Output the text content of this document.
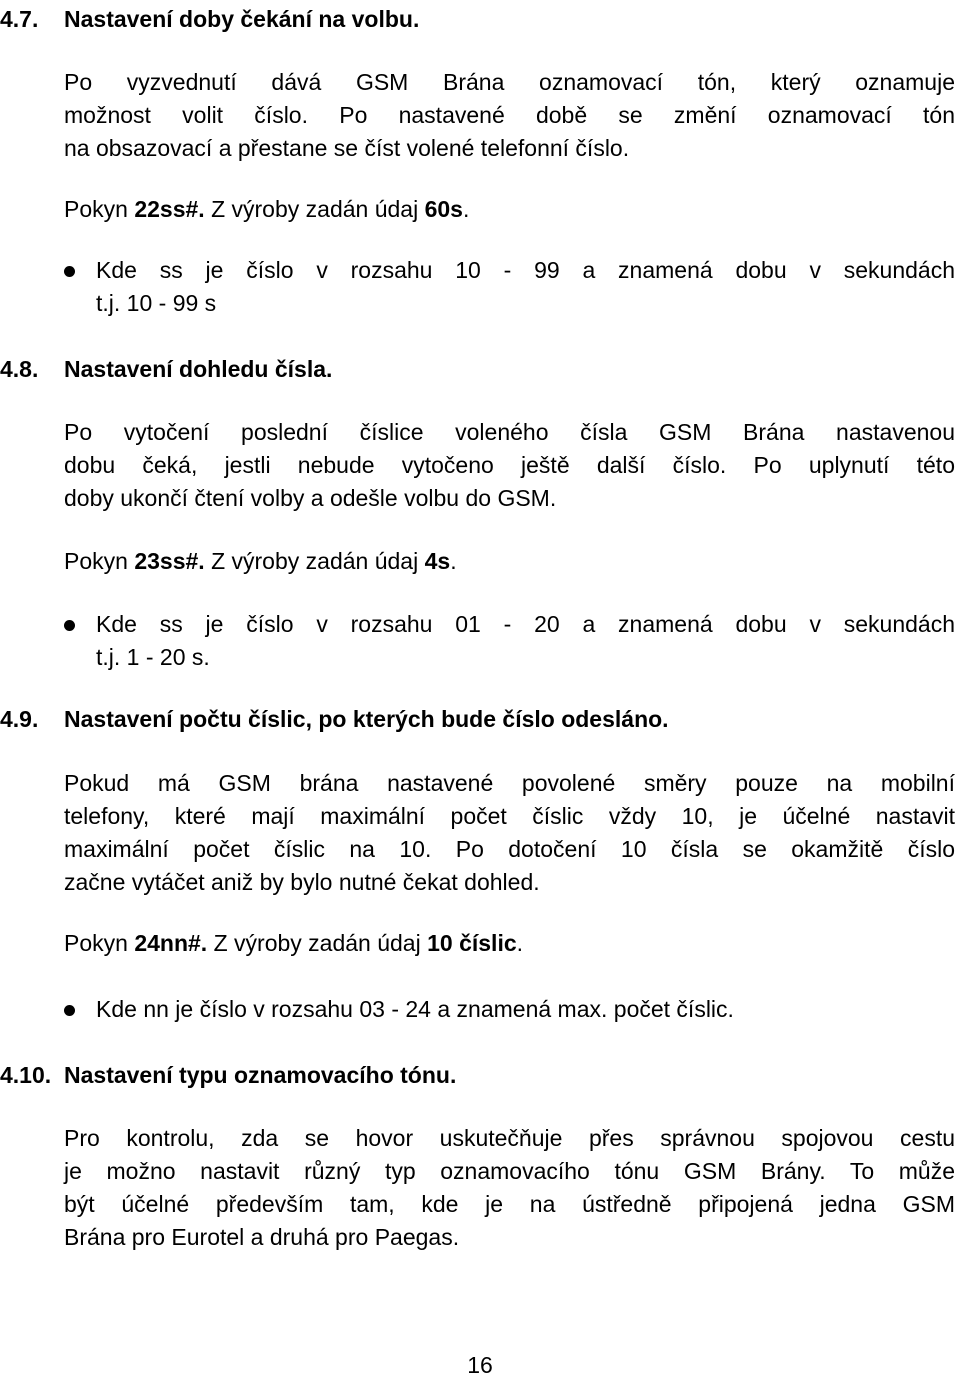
4.7. Nastavení doby čekání na volbu.
Po vyzvednutí dává GSM Brána oznamovací tón, který oznamuje
možnost volit číslo. Po nastavené době se změní oznamovací tón
na obsazovací a přestane se číst volené telefonní číslo.
Pokyn 22ss#. Z výroby zadán údaj 60s.
Kde ss je číslo v rozsahu 10 - 99 a znamená dobu v sekundách
t.j. 10 - 99 s
4.8. Nastavení dohledu čísla.
Po vytočení poslední číslice voleného čísla GSM Brána nastavenou
dobu čeká, jestli nebude vytočeno ještě další číslo. Po uplynutí této
doby ukončí čtení volby a odešle volbu do GSM.
Pokyn 23ss#. Z výroby zadán údaj 4s.
Kde ss je číslo v rozsahu 01 - 20 a znamená dobu v sekundách
t.j. 1 - 20 s.
4.9. Nastavení počtu číslic, po kterých bude číslo odesláno.
Pokud má GSM brána nastavené povolené směry pouze na mobilní
telefony, které mají maximální počet číslic vždy 10, je účelné nastavit
maximální počet číslic na 10. Po dotočení 10 čísla se okamžitě číslo
začne vytáčet aniž by bylo nutné čekat dohled.
Pokyn 24nn#. Z výroby zadán údaj 10 číslic.
Kde nn je číslo v rozsahu 03 - 24 a znamená max. počet číslic.
4.10. Nastavení typu oznamovacího tónu.
Pro kontrolu, zda se hovor uskutečňuje přes správnou spojovou cestu
je možno nastavit různý typ oznamovacího tónu GSM Brány. To může
být účelné především tam, kde je na ústředně připojená jedna GSM
Brána pro Eurotel a druhá pro Paegas.
16
